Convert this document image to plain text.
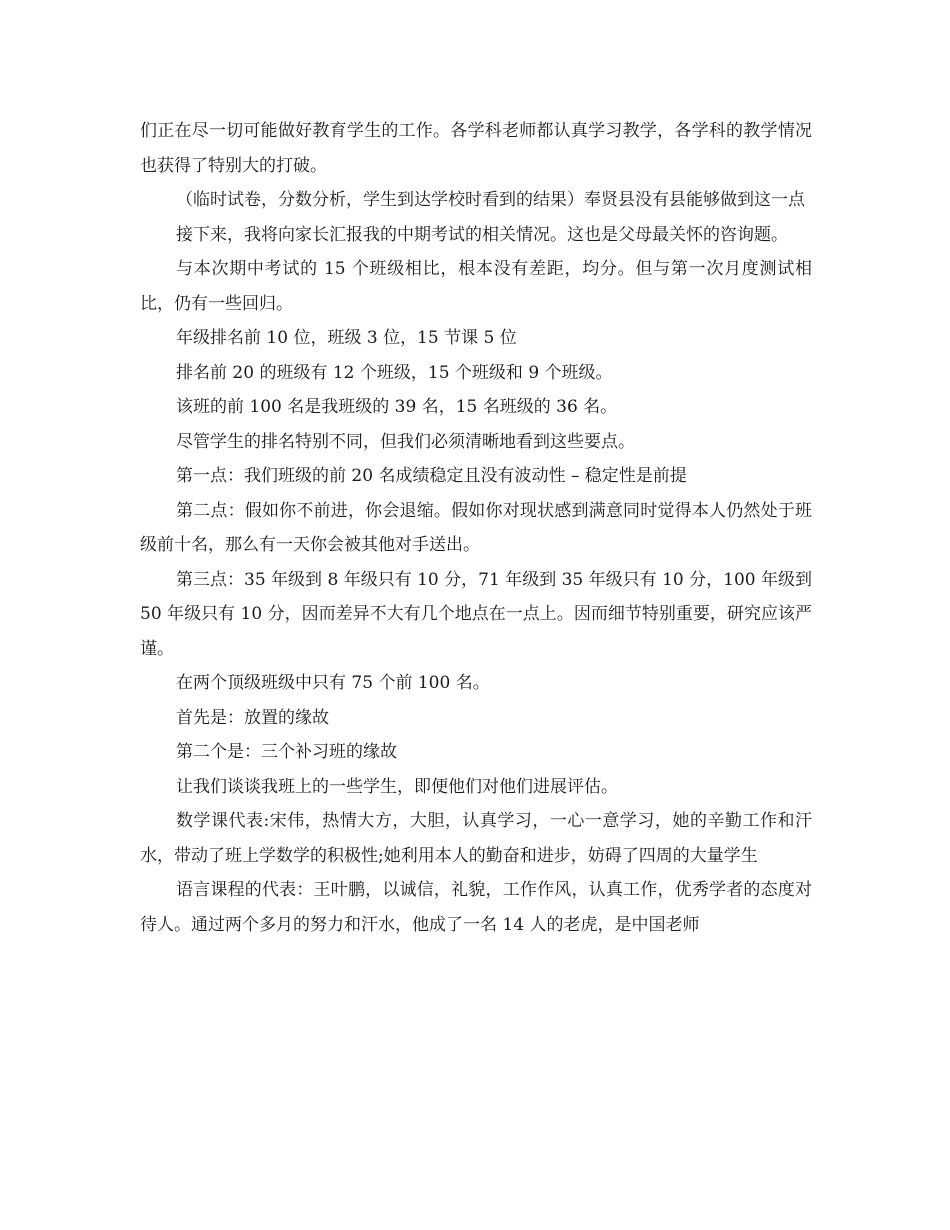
们正在尽一切可能做好教育学生的工作。各学科老师都认真学习教学，各学科的教学情况也获得了特别大的打破。

（临时试卷，分数分析，学生到达学校时看到的结果）奉贤县没有县能够做到这一点

接下来，我将向家长汇报我的中期考试的相关情况。这也是父母最关怀的咨询题。

与本次期中考试的 15 个班级相比，根本没有差距，均分。但与第一次月度测试相比，仍有一些回归。

年级排名前 10 位，班级 3 位，15 节课 5 位

排名前 20 的班级有 12 个班级，15 个班级和 9 个班级。

该班的前 100 名是我班级的 39 名，15 名班级的 36 名。

尽管学生的排名特别不同，但我们必须清晰地看到这些要点。

第一点：我们班级的前 20 名成绩稳定且没有波动性 – 稳定性是前提

第二点：假如你不前进，你会退缩。假如你对现状感到满意同时觉得本人仍然处于班级前十名，那么有一天你会被其他对手送出。

第三点：35 年级到 8 年级只有 10 分，71 年级到 35 年级只有 10 分，100 年级到 50 年级只有 10 分，因而差异不大有几个地点在一点上。因而细节特别重要，研究应该严谨。

在两个顶级班级中只有 75 个前 100 名。

首先是：放置的缘故

第二个是：三个补习班的缘故

让我们谈谈我班上的一些学生，即便他们对他们进展评估。

数学课代表:宋伟，热情大方，大胆，认真学习，一心一意学习，她的辛勤工作和汗水，带动了班上学数学的积极性;她利用本人的勤奋和进步，妨碍了四周的大量学生

语言课程的代表：王叶鹏，以诚信，礼貌，工作作风，认真工作，优秀学者的态度对待人。通过两个多月的努力和汗水，他成了一名 14 人的老虎，是中国老师
